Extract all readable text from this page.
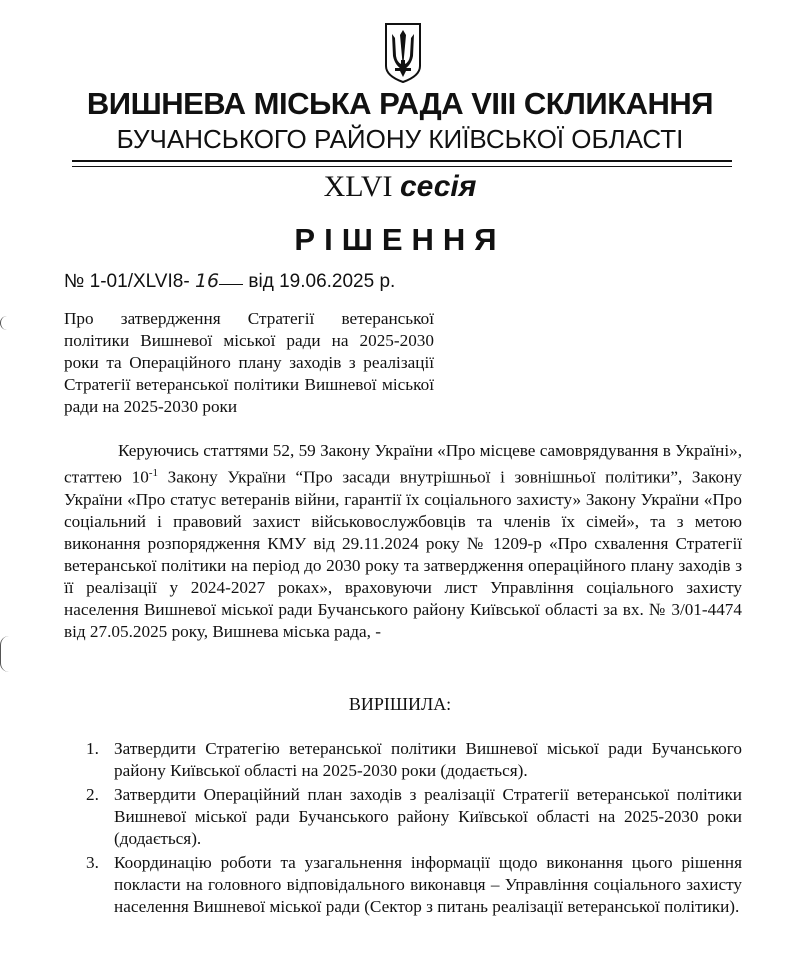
ВИШНЕВА МІСЬКА РАДА VIII СКЛИКАННЯ
БУЧАНСЬКОГО РАЙОНУ КИЇВСЬКОЇ ОБЛАСТІ
XLVI сесія
РІШЕННЯ
№ 1-01/XLVI8- 16 від 19.06.2025 р.
Про затвердження Стратегії ветеранської політики Вишневої міської ради на 2025-2030 роки та Операційного плану заходів з реалізації Стратегії ветеранської політики Вишневої міської ради на 2025-2030 роки
Керуючись статтями 52, 59 Закону України «Про місцеве самоврядування в Україні», статтею $10^{-1}$ Закону України “Про засади внутрішньої і зовнішньої політики”, Закону України «Про статус ветеранів війни, гарантії їх соціального захисту» Закону України «Про соціальний і правовий захист військовослужбовців та членів їх сімей», та з метою виконання розпорядження КМУ від 29.11.2024 року № 1209-р «Про схвалення Стратегії ветеранської політики на період до 2030 року та затвердження операційного плану заходів з її реалізації у 2024-2027 роках», враховуючи лист Управління соціального захисту населення Вишневої міської ради Бучанського району Київської області за вх. № 3/01-4474 від 27.05.2025 року, Вишнева міська рада, -
ВИРІШИЛА:
1. Затвердити Стратегію ветеранської політики Вишневої міської ради Бучанського району Київської області на 2025-2030 роки (додається).
2. Затвердити Операційний план заходів з реалізації Стратегії ветеранської політики Вишневої міської ради Бучанського району Київської області на 2025-2030 роки (додається).
3. Координацію роботи та узагальнення інформації щодо виконання цього рішення покласти на головного відповідального виконавця – Управління соціального захисту населення Вишневої міської ради (Сектор з питань реалізації ветеранської політики).
